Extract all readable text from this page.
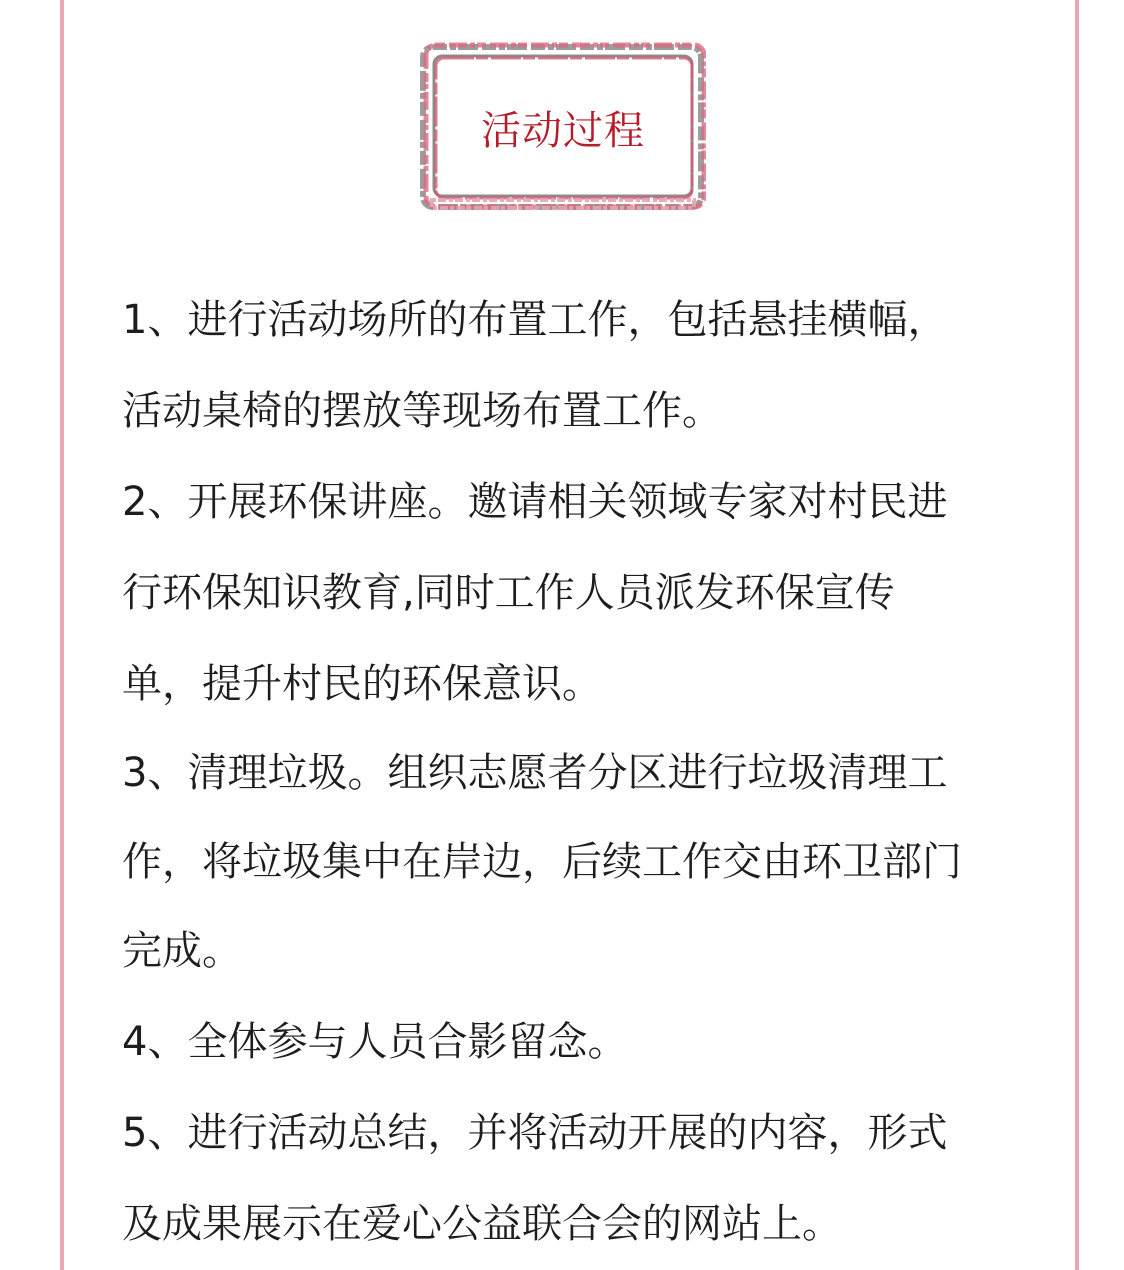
活动过程
1、进行活动场所的布置工作，包括悬挂横幅，
活动桌椅的摆放等现场布置工作。
2、开展环保讲座。邀请相关领域专家对村民进
行环保知识教育,同时工作人员派发环保宣传
单，提升村民的环保意识。
3、清理垃圾。组织志愿者分区进行垃圾清理工
作，将垃圾集中在岸边，后续工作交由环卫部门
完成。
4、全体参与人员合影留念。
5、进行活动总结，并将活动开展的内容，形式
及成果展示在爱心公益联合会的网站上。
